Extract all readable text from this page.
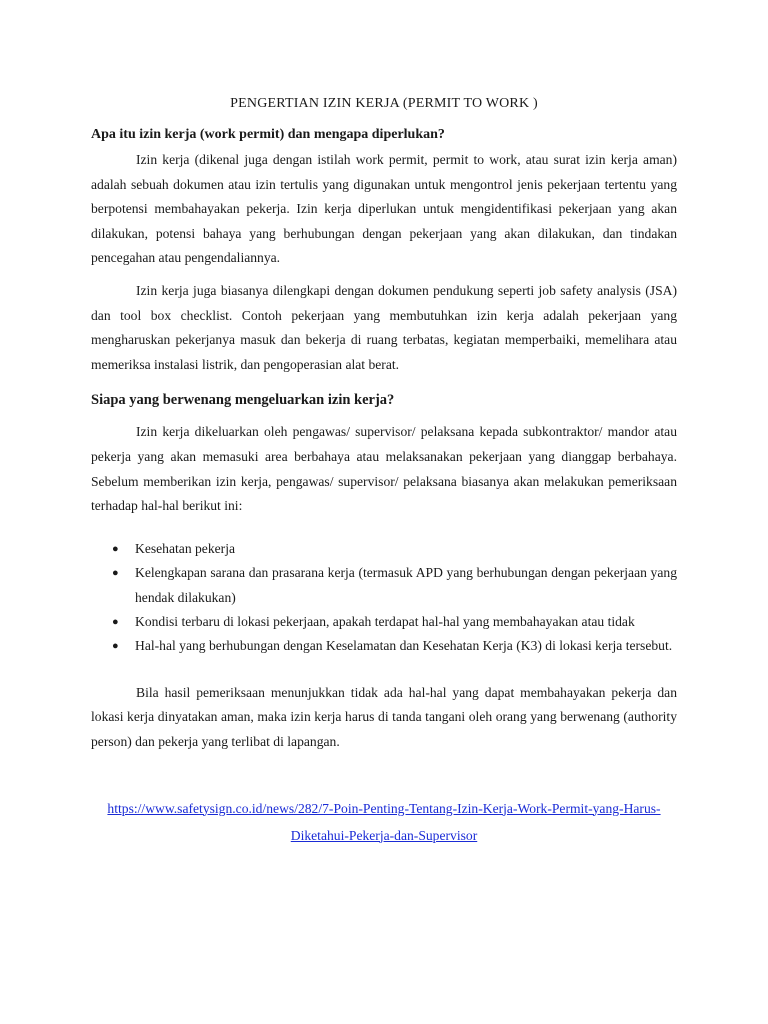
PENGERTIAN IZIN KERJA (PERMIT TO WORK )
Apa itu izin kerja (work permit) dan mengapa diperlukan?

Izin kerja (dikenal juga dengan istilah work permit, permit to work, atau surat izin kerja aman) adalah sebuah dokumen atau izin tertulis yang digunakan untuk mengontrol jenis pekerjaan tertentu yang berpotensi membahayakan pekerja. Izin kerja diperlukan untuk mengidentifikasi pekerjaan yang akan dilakukan, potensi bahaya yang berhubungan dengan pekerjaan yang akan dilakukan, dan tindakan pencegahan atau pengendaliannya.

Izin kerja juga biasanya dilengkapi dengan dokumen pendukung seperti job safety analysis (JSA) dan tool box checklist. Contoh pekerjaan yang membutuhkan izin kerja adalah pekerjaan yang mengharuskan pekerjanya masuk dan bekerja di ruang terbatas, kegiatan memperbaiki, memelihara atau memeriksa instalasi listrik, dan pengoperasian alat berat.

Siapa yang berwenang mengeluarkan izin kerja?

Izin kerja dikeluarkan oleh pengawas/ supervisor/ pelaksana kepada subkontraktor/ mandor atau pekerja yang akan memasuki area berbahaya atau melaksanakan pekerjaan yang dianggap berbahaya. Sebelum memberikan izin kerja, pengawas/ supervisor/ pelaksana biasanya akan melakukan pemeriksaan terhadap hal-hal berikut ini:

● Kesehatan pekerja
● Kelengkapan sarana dan prasarana kerja (termasuk APD yang berhubungan dengan pekerjaan yang hendak dilakukan)
● Kondisi terbaru di lokasi pekerjaan, apakah terdapat hal-hal yang membahayakan atau tidak
● Hal-hal yang berhubungan dengan Keselamatan dan Kesehatan Kerja (K3) di lokasi kerja tersebut.

Bila hasil pemeriksaan menunjukkan tidak ada hal-hal yang dapat membahayakan pekerja dan lokasi kerja dinyatakan aman, maka izin kerja harus di tanda tangani oleh orang yang berwenang (authority person) dan pekerja yang terlibat di lapangan.

https://www.safetysign.co.id/news/282/7-Poin-Penting-Tentang-Izin-Kerja-Work-Permit-yang-Harus-
Diketahui-Pekerja-dan-Supervisor
